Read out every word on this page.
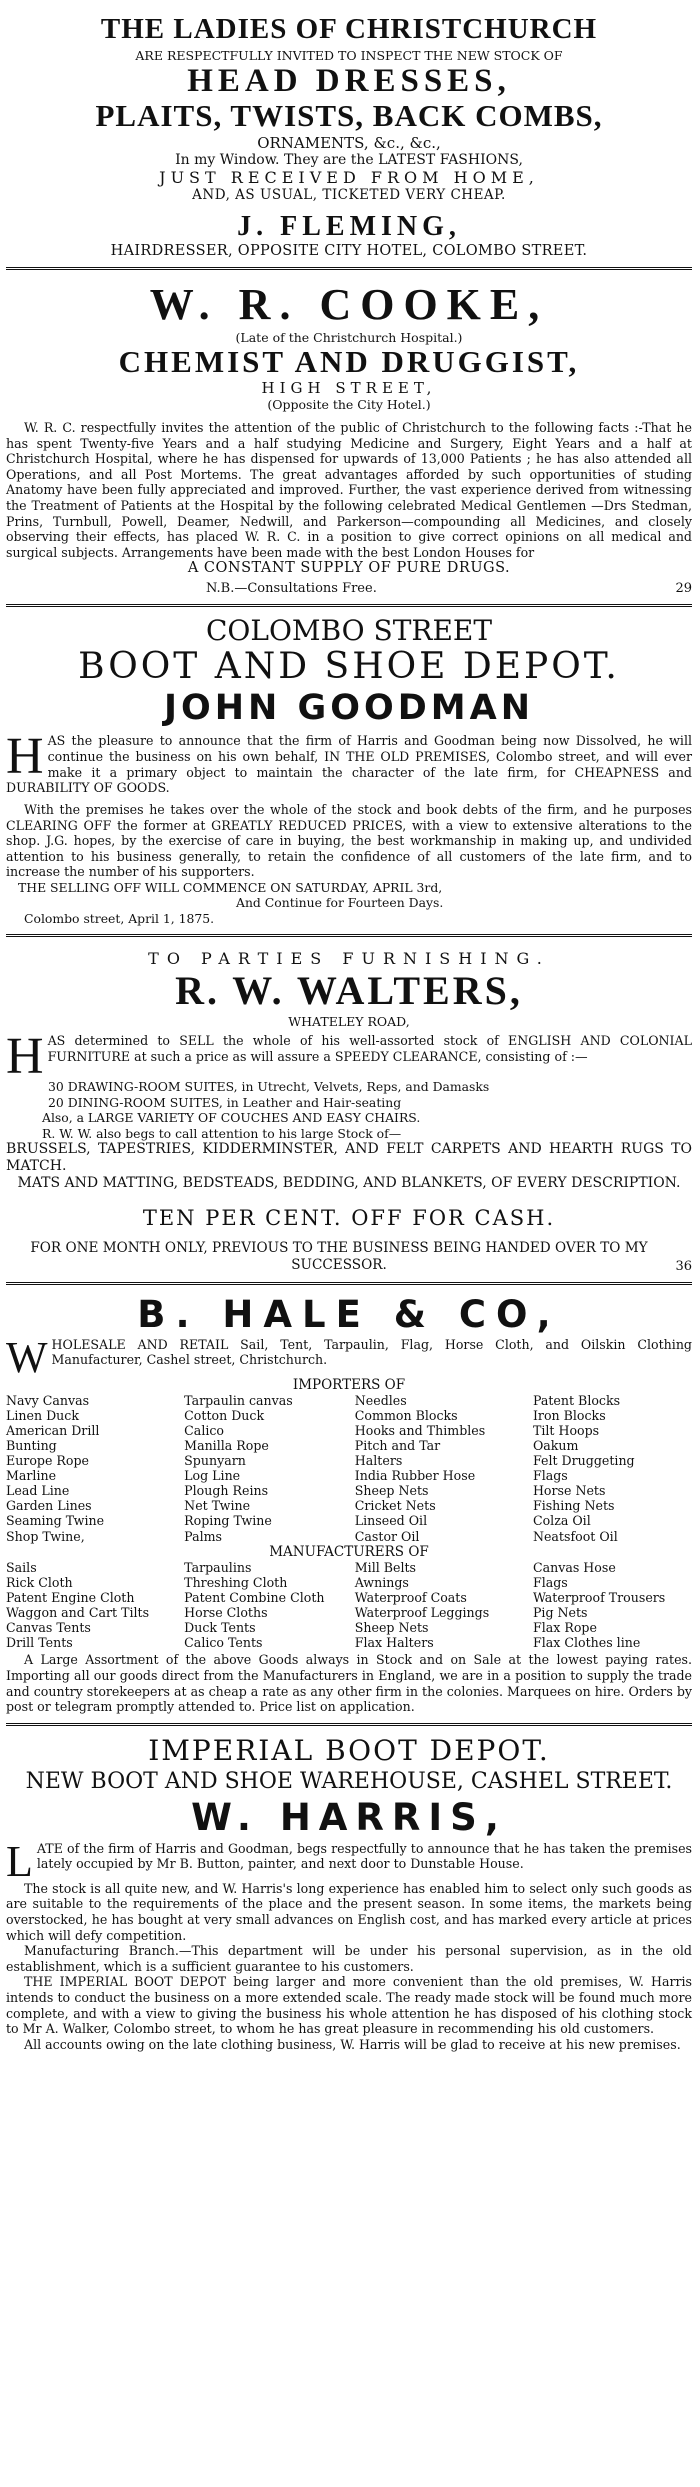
THE LADIES OF CHRISTCHURCH
ARE RESPECTFULLY INVITED TO INSPECT THE NEW STOCK OF
HEAD DRESSES,
PLAITS, TWISTS, BACK COMBS,
ORNAMENTS, &c., &c.,
In my Window. They are the LATEST FASHIONS,
JUST RECEIVED FROM HOME,
AND, AS USUAL, TICKETED VERY CHEAP.
J. FLEMING,
HAIRDRESSER, OPPOSITE CITY HOTEL, COLOMBO STREET.
W. R. COOKE,
(Late of the Christchurch Hospital.)
CHEMIST AND DRUGGIST,
HIGH STREET,
(Opposite the City Hotel.)
W. R. C. respectfully invites the attention of the public of Christchurch to the following facts :-That he has spent Twenty-five Years and a half studying Medicine and Surgery, Eight Years and a half at Christchurch Hospital, where he has dispensed for upwards of 13,000 Patients ; he has also attended all Operations, and all Post Mortems. The great advantages afforded by such opportunities of studing Anatomy have been fully appreciated and improved. Further, the vast experience derived from witnessing the Treatment of Patients at the Hospital by the following celebrated Medical Gentlemen —Drs Stedman, Prins, Turnbull, Powell, Deamer, Nedwill, and Parkerson—compounding all Medicines, and closely observing their effects, has placed W. R. C. in a position to give correct opinions on all medical and surgical subjects. Arrangements have been made with the best London Houses for
A CONSTANT SUPPLY OF PURE DRUGS.
N.B.—Consultations Free.	29
COLOMBO STREET
BOOT AND SHOE DEPOT.
JOHN GOODMAN
HAS the pleasure to announce that the firm of Harris and Goodman being now Dissolved, he will continue the business on his own behalf, IN THE OLD PREMISES, Colombo street, and will ever make it a primary object to maintain the character of the late firm, for CHEAPNESS and DURABILITY OF GOODS.
With the premises he takes over the whole of the stock and book debts of the firm, and he purposes CLEARING OFF the former at GREATLY REDUCED PRICES, with a view to extensive alterations to the shop. J.G. hopes, by the exercise of care in buying, the best workmanship in making up, and undivided attention to his business generally, to retain the confidence of all customers of the late firm, and to increase the number of his supporters.
THE SELLING OFF WILL COMMENCE ON SATURDAY, APRIL 3rd,
And Continue for Fourteen Days.
Colombo street, April 1, 1875.
TO PARTIES FURNISHING.
R. W. WALTERS,
WHATELEY ROAD,
HAS determined to SELL the whole of his well-assorted stock of ENGLISH AND COLONIAL FURNITURE at such a price as will assure a SPEEDY CLEARANCE, consisting of :—
30 DRAWING-ROOM SUITES, in Utrecht, Velvets, Reps, and Damasks
20 DINING-ROOM SUITES, in Leather and Hair-seating
Also, a LARGE VARIETY OF COUCHES AND EASY CHAIRS.
R. W. W. also begs to call attention to his large Stock of—
BRUSSELS, TAPESTRIES, KIDDERMINSTER, AND FELT CARPETS AND HEARTH RUGS TO MATCH.
MATS AND MATTING, BEDSTEADS, BEDDING, AND BLANKETS, OF EVERY DESCRIPTION.
TEN PER CENT. OFF FOR CASH.
FOR ONE MONTH ONLY, PREVIOUS TO THE BUSINESS BEING HANDED OVER TO MY SUCCESSOR.	36
B. HALE & CO,
WHOLESALE AND RETAIL Sail, Tent, Tarpaulin, Flag, Horse Cloth, and Oilskin Clothing Manufacturer, Cashel street, Christchurch.
IMPORTERS OF
Navy Canvas
Linen Duck
American Drill
Bunting
Europe Rope
Marline
Lead Line
Garden Lines
Seaming Twine
Shop Twine,
Tarpaulin canvas
Cotton Duck
Calico
Manilla Rope
Spunyarn
Log Line
Plough Reins
Net Twine
Roping Twine
Palms
Needles
Common Blocks
Hooks and Thimbles
Pitch and Tar
Halters
India Rubber Hose
Sheep Nets
Cricket Nets
Linseed Oil
Castor Oil
Patent Blocks
Iron Blocks
Tilt Hoops
Oakum
Felt Druggeting
Flags
Horse Nets
Fishing Nets
Colza Oil
Neatsfoot Oil
MANUFACTURERS OF
Sails
Rick Cloth
Patent Engine Cloth
Waggon and Cart Tilts
Canvas Tents
Drill Tents
Tarpaulins
Threshing Cloth
Patent Combine Cloth
Horse Cloths
Duck Tents
Calico Tents
Mill Belts
Awnings
Waterproof Coats
Waterproof Leggings
Sheep Nets
Flax Halters
Canvas Hose
Flags
Waterproof Trousers
Pig Nets
Flax Rope
Flax Clothes line
A Large Assortment of the above Goods always in Stock and on Sale at the lowest paying rates. Importing all our goods direct from the Manufacturers in England, we are in a position to supply the trade and country storekeepers at as cheap a rate as any other firm in the colonies. Marquees on hire. Orders by post or telegram promptly attended to. Price list on application.
IMPERIAL BOOT DEPOT.
NEW BOOT AND SHOE WAREHOUSE, CASHEL STREET.
W. HARRIS,
LATE of the firm of Harris and Goodman, begs respectfully to announce that he has taken the premises lately occupied by Mr B. Button, painter, and next door to Dunstable House.
The stock is all quite new, and W. Harris's long experience has enabled him to select only such goods as are suitable to the requirements of the place and the present season. In some items, the markets being overstocked, he has bought at very small advances on English cost, and has marked every article at prices which will defy competition.
Manufacturing Branch.—This department will be under his personal supervision, as in the old establishment, which is a sufficient guarantee to his customers.
THE IMPERIAL BOOT DEPOT being larger and more convenient than the old premises, W. Harris intends to conduct the business on a more extended scale. The ready made stock will be found much more complete, and with a view to giving the business his whole attention he has disposed of his clothing stock to Mr A. Walker, Colombo street, to whom he has great pleasure in recommending his old customers.
All accounts owing on the late clothing business, W. Harris will be glad to receive at his new premises.
